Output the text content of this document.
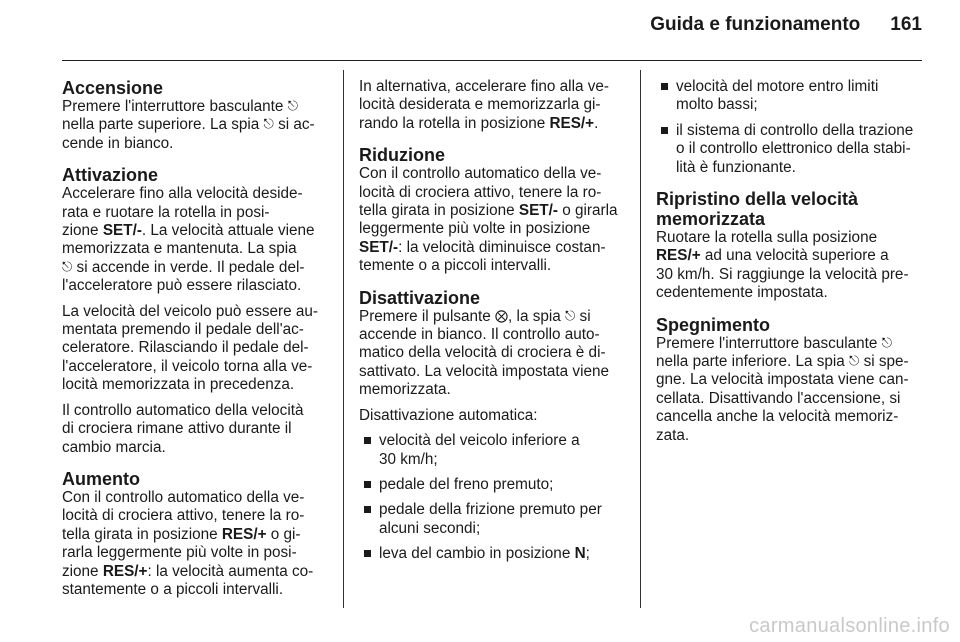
Guida e funzionamento 161
Accensione

Premere l'interruttore basculante ⎋
nella parte superiore. La spia ⎋ si ac-
cende in bianco.

Attivazione

Accelerare fino alla velocità deside-
rata e ruotare la rotella in posi-
zione SET/-. La velocità attuale viene
memorizzata e mantenuta. La spia
⎋ si accende in verde. Il pedale del-
l'acceleratore può essere rilasciato.

La velocità del veicolo può essere au-
mentata premendo il pedale dell'ac-
celeratore. Rilasciando il pedale del-
l'acceleratore, il veicolo torna alla ve-
locità memorizzata in precedenza.

Il controllo automatico della velocità
di crociera rimane attivo durante il
cambio marcia.

Aumento

Con il controllo automatico della ve-
locità di crociera attivo, tenere la ro-
tella girata in posizione RES/+ o gi-
rarla leggermente più volte in posi-
zione RES/+: la velocità aumenta co-
stantemente o a piccoli intervalli.

In alternativa, accelerare fino alla ve-
locità desiderata e memorizzarla gi-
rando la rotella in posizione RES/+.

Riduzione

Con il controllo automatico della ve-
locità di crociera attivo, tenere la ro-
tella girata in posizione SET/- o girarla
leggermente più volte in posizione
SET/-: la velocità diminuisce costan-
temente o a piccoli intervalli.

Disattivazione

Premere il pulsante ⨂, la spia ⎋ si
accende in bianco. Il controllo auto-
matico della velocità di crociera è di-
sattivato. La velocità impostata viene
memorizzata.

Disattivazione automatica:

velocità del veicolo inferiore a
30 km/h;
pedale del freno premuto;
pedale della frizione premuto per
alcuni secondi;
leva del cambio in posizione N;
velocità del motore entro limiti
molto bassi;
il sistema di controllo della trazione
o il controllo elettronico della stabi-
lità è funzionante.
Ripristino della velocità
memorizzata

Ruotare la rotella sulla posizione
RES/+ ad una velocità superiore a
30 km/h. Si raggiunge la velocità pre-
cedentemente impostata.

Spegnimento

Premere l'interruttore basculante ⎋
nella parte inferiore. La spia ⎋ si spe-
gne. La velocità impostata viene can-
cellata. Disattivando l'accensione, si
cancella anche la velocità memoriz-
zata.

carmanualsonline.info
